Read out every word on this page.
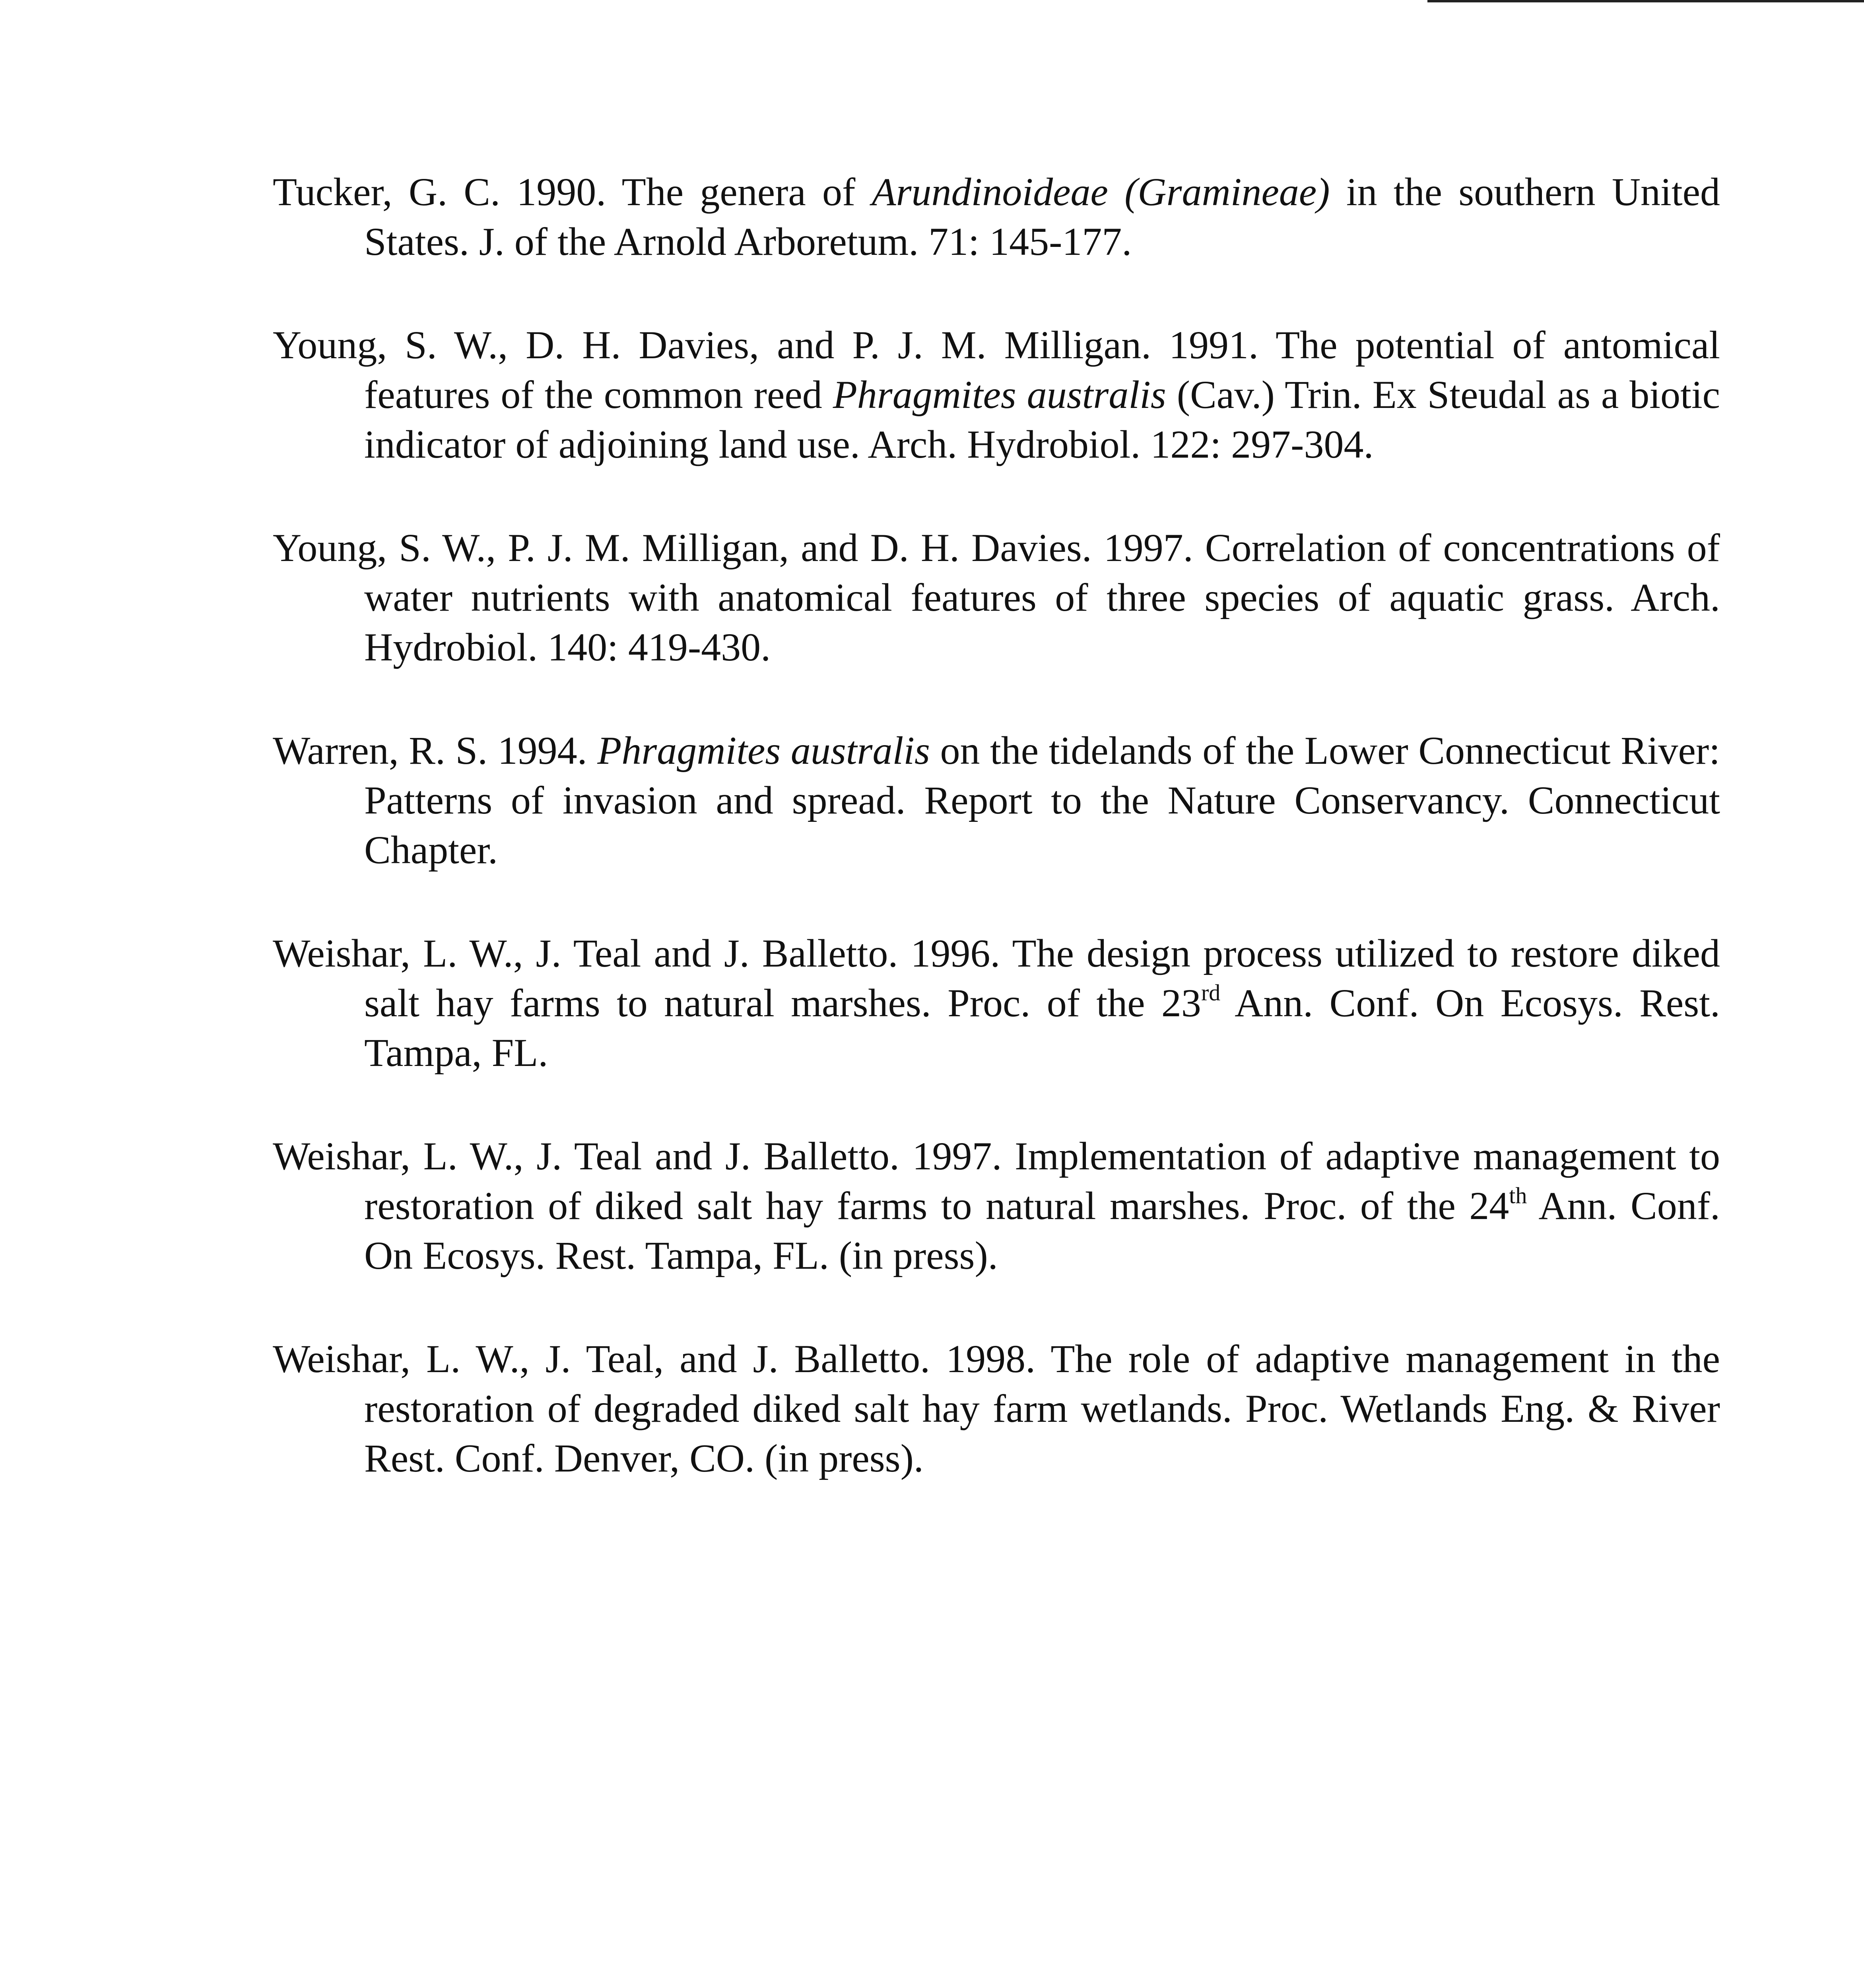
Tucker, G. C. 1990. The genera of Arundinoideae (Gramineae) in the southern United States. J. of the Arnold Arboretum. 71: 145-177.

Young, S. W., D. H. Davies, and P. J. M. Milligan. 1991. The potential of antomical features of the common reed Phragmites australis (Cav.) Trin. Ex Steudal as a biotic indicator of adjoining land use. Arch. Hydrobiol. 122: 297-304.

Young, S. W., P. J. M. Milligan, and D. H. Davies. 1997. Correlation of concentrations of water nutrients with anatomical features of three species of aquatic grass. Arch. Hydrobiol. 140: 419-430.

Warren, R. S. 1994. Phragmites australis on the tidelands of the Lower Connecticut River: Patterns of invasion and spread. Report to the Nature Conservancy. Connecticut Chapter.

Weishar, L. W., J. Teal and J. Balletto. 1996. The design process utilized to restore diked salt hay farms to natural marshes. Proc. of the 23rd Ann. Conf. On Ecosys. Rest. Tampa, FL.

Weishar, L. W., J. Teal and J. Balletto. 1997. Implementation of adaptive management to restoration of diked salt hay farms to natural marshes. Proc. of the 24th Ann. Conf. On Ecosys. Rest. Tampa, FL. (in press).

Weishar, L. W., J. Teal, and J. Balletto. 1998. The role of adaptive management in the restoration of degraded diked salt hay farm wetlands. Proc. Wetlands Eng. & River Rest. Conf. Denver, CO. (in press).
